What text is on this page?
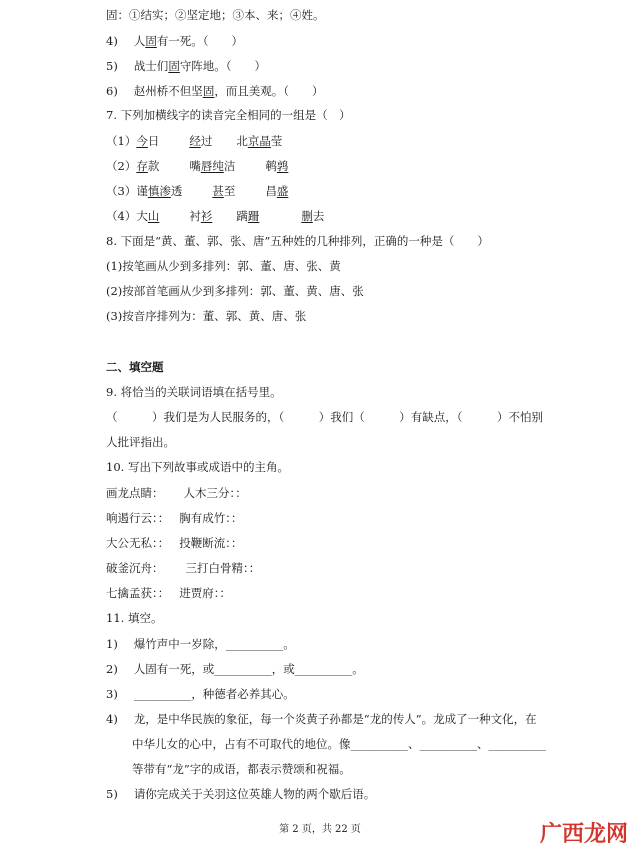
固：①结实；②坚定地；③本、来；④姓。
4) 人固有一死。（　　）
5) 战士们固守阵地。（　　）
6) 赵州桥不但坚固，而且美观。（　　）
7. 下列加横线字的读音完全相同的一组是（　）
（1）今日	经过 北京晶莹
（2）存款	嘴唇纯洁	鹌鹑
（3）谨慎渗透	甚至	昌盛
（4）大山	衬衫 蹒跚	删去
8. 下面是“黄、董、郭、张、唐”五种姓的几种排列，正确的一种是（　　）
(1)按笔画从少到多排列：郭、董、唐、张、黄
(2)按部首笔画从少到多排列：郭、董、黄、唐、张
(3)按音序排列为：董、郭、黄、唐、张
二、填空题
9. 将恰当的关联词语填在括号里。
（　　　）我们是为人民服务的，（　　　）我们（　　　）有缺点，（　　　）不怕别
人批评指出。
10. 写出下列故事或成语中的主角。
画龙点睛： 人木三分：：
响遏行云：： 胸有成竹：：
大公无私：： 投鞭断流：：
破釜沉舟： 三打白骨精：：
七擒孟获：： 进贾府：：
11. 填空。
1) 爆竹声中一岁除，__________。
2) 人固有一死，或__________，或__________。
3) __________，种德者必养其心。
4) 龙，是中华民族的象征，每一个炎黄子孙都是“龙的传人”。龙成了一种文化，在
中华儿女的心中，占有不可取代的地位。像__________、__________、__________
等带有“龙”字的成语，都表示赞颂和祝福。
5) 请你完成关于关羽这位英雄人物的两个歇后语。
第 2 页，共 22 页	广西龙网
